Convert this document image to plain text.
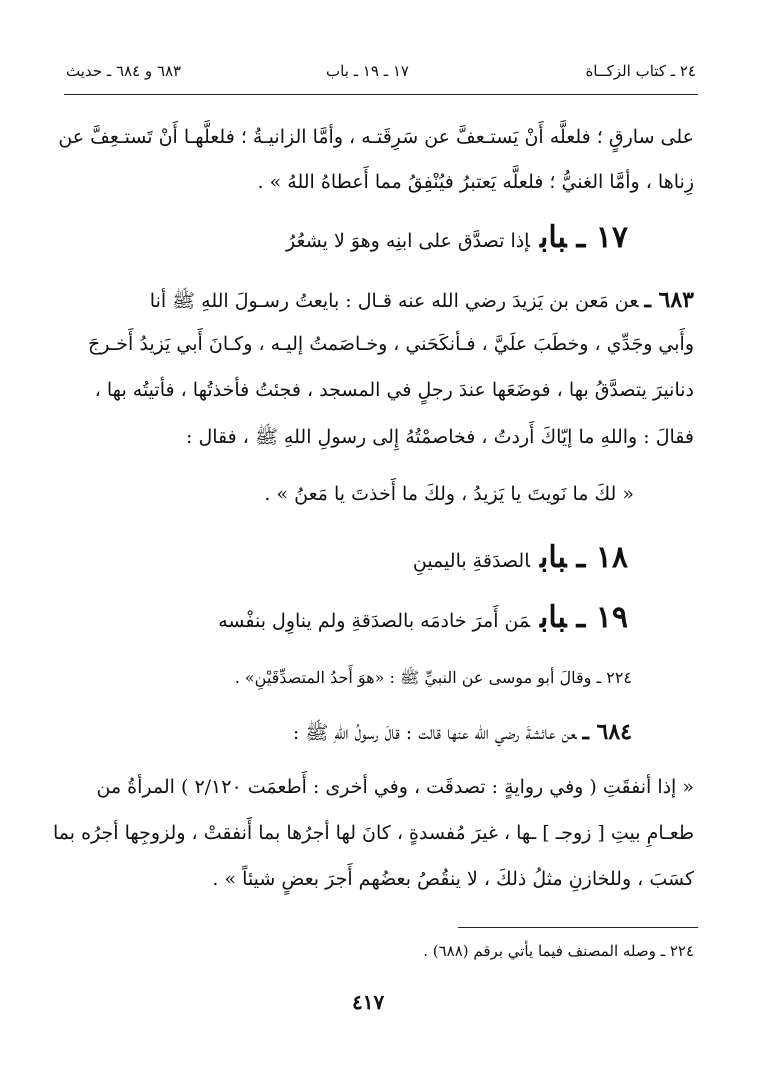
٢٤ ـ كتاب الزكــاة
١٧ ـ ١٩ ـ باب
٦٨٣ و ٦٨٤ ـ حديث
على سارقٍ ؛ فلعلَّه أَنْ يَستـعفَّ عن سَرِقَتـه ، وأمَّا الزانيـةُ ؛ فلعلَّهـا أَنْ تَستـعِفَّ عن
زِناها ، وأمَّا الغنيُّ ؛ فلعلَّه يَعتبرُ فيُنْفِقُ مما أَعطاهُ اللهُ » .
١٧ ـبابإذا تصدَّق على ابنِه وهوَ لا يشعُرُ
٦٨٣ ـعن مَعن بن يَزيدَ رضي الله عنه قـال : بايعتُ رسـولَ اللهِ ﷺ أنا
وأَبي وجَدِّي ، وخطَبَ علَيَّ ، فـأنكَحَني ، وخـاصَمتُ إليـه ، وكـانَ أَبي يَزيدُ أَخـرجَ
دنانيرَ يتصدَّقُ بها ، فوضَعَها عندَ رجلٍ في المسجد ، فجئتُ فأخذتُها ، فأتيتُه بها ،
فقالَ : واللهِ ما إيّاكَ أَردتُ ، فخاصمْتُهُ إِلى رسولِ اللهِ ﷺ ، فقال :
« لكَ ما نَويتَ يا يَزيدُ ، ولكَ ما أَخذتَ يا مَعنُ » .
١٨ ـبابالصدَقةِ باليمينِ
١٩ ـبابمَن أَمرَ خادمَه بالصدَقةِ ولم يناوِل بنفْسه
٢٢٤ ـ وقالَ أبو موسى عن النبيِّ ﷺ : «هوَ أَحدُ المتصدِّقَيْنِ» .
٦٨٤ ـعن عائشةَ رضي الله عنها قالت : قالَ رسولُ اللهِ ﷺ :
« إذا أنفقَتِ ( وفي روايةٍ : تصدقَت ، وفي أخرى : أَطعمَت ٢/١٢٠ ) المرأةُ من
طعـامِ بيتِ [ زوجـ ] ـها ، غيرَ مُفسدةٍ ، كانَ لها أجرُها بما أَنفقتْ ، ولزوجِها أجرُه بما
كسَبَ ، وللخازنِ مثلُ ذلكَ ، لا ينقُصُ بعضُهم أَجرَ بعضٍ شيئاً » .
٢٢٤ ـ وصله المصنف فيما يأتي برقم (٦٨٨) .
٤١٧
